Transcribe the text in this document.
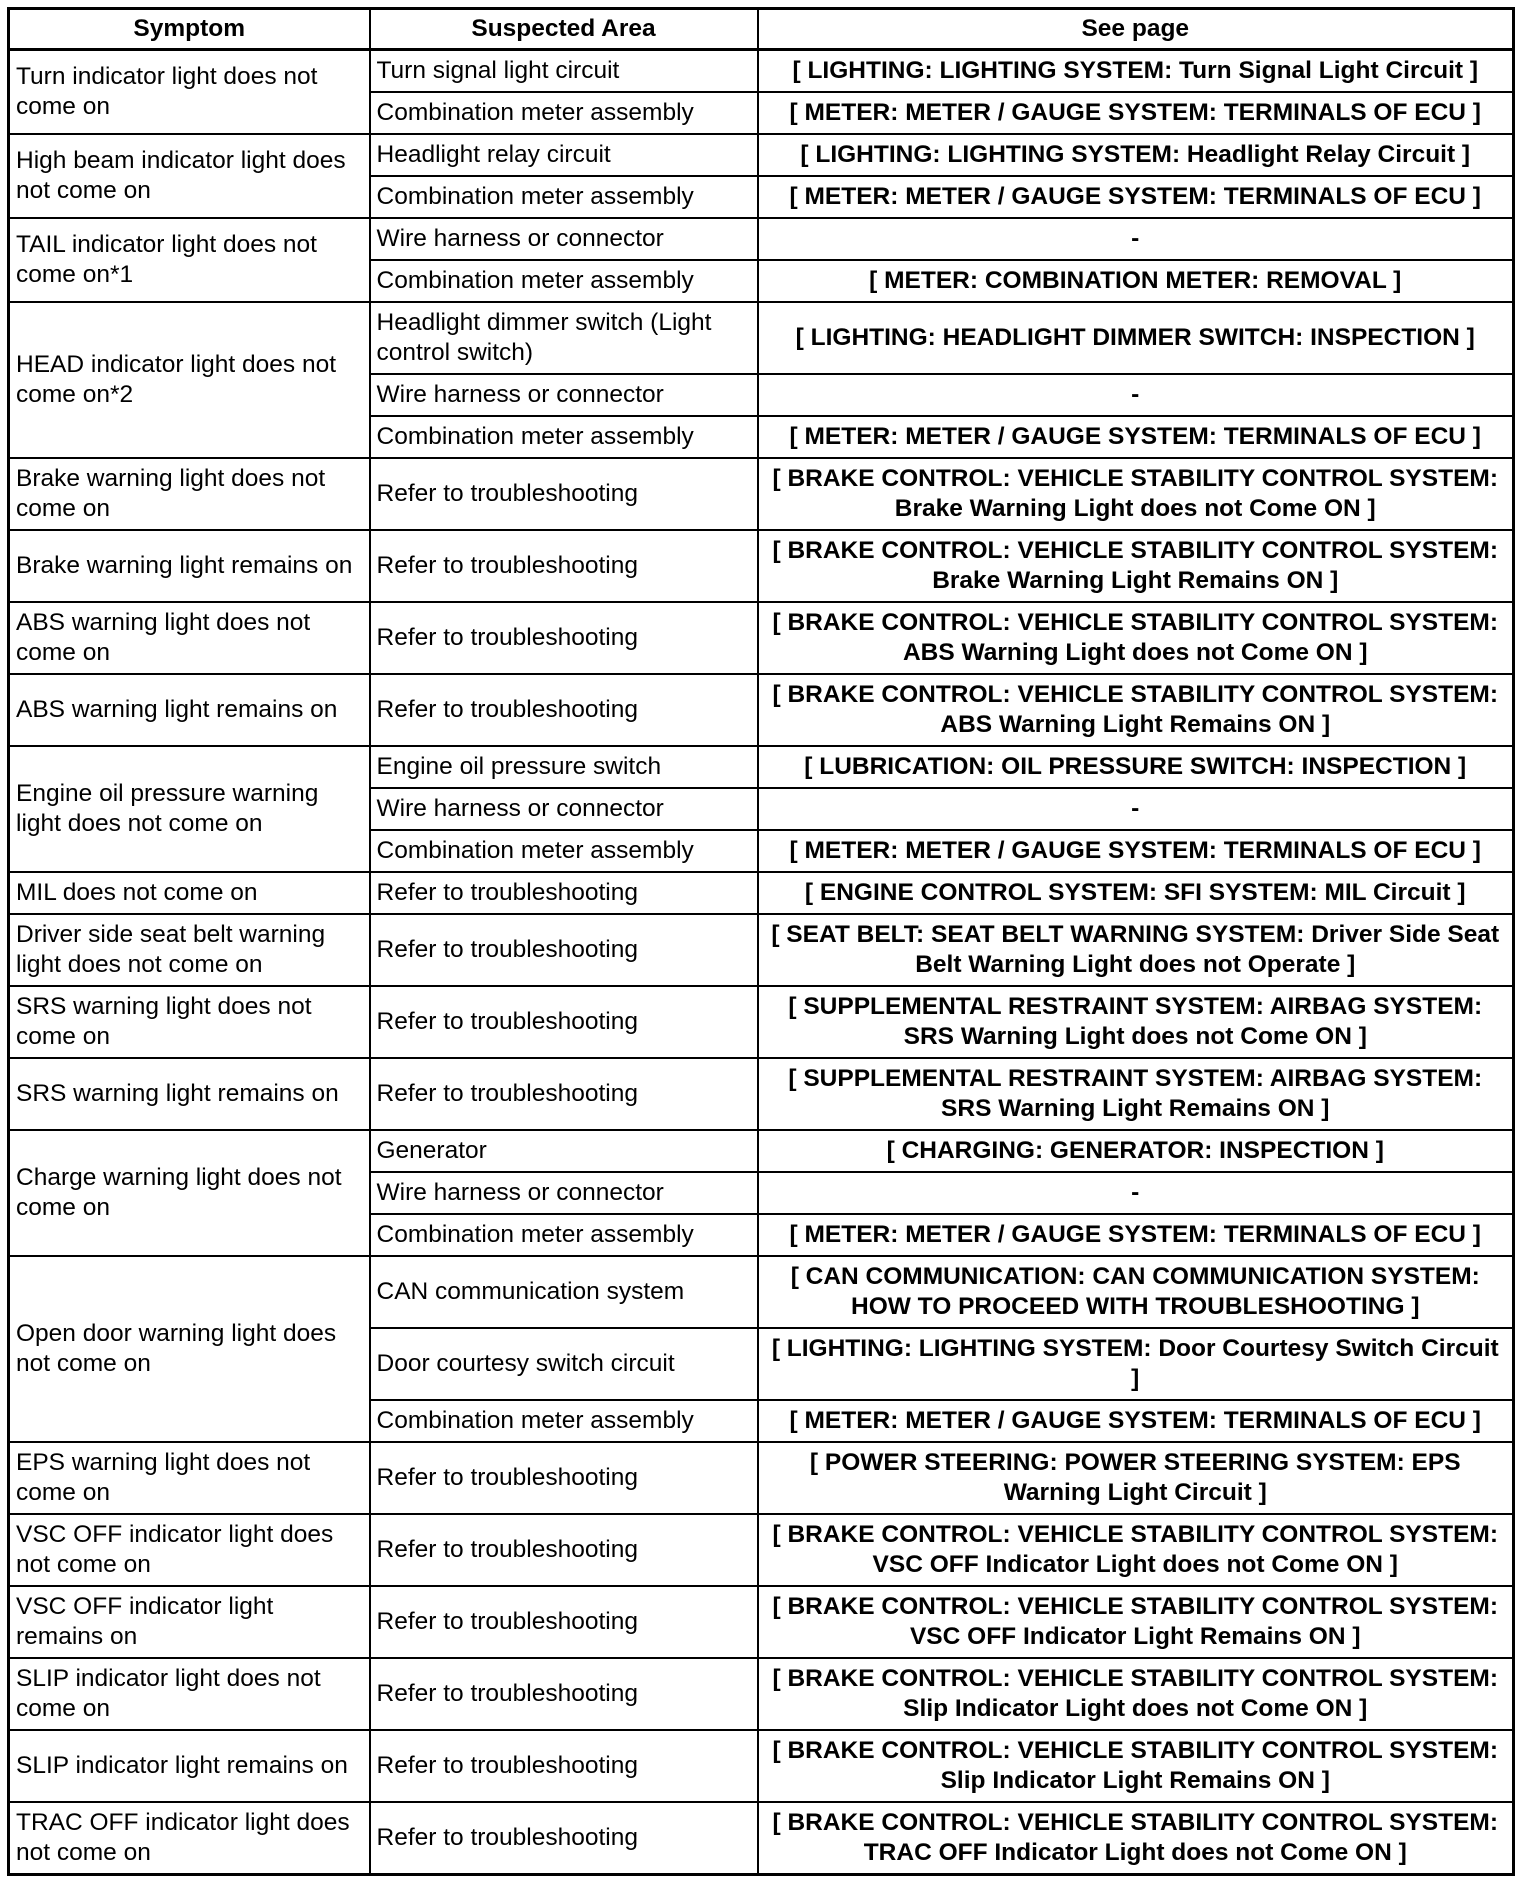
Symptom	Suspected Area	See page
Turn indicator light does not come on	Turn signal light circuit	[ LIGHTING: LIGHTING SYSTEM: Turn Signal Light Circuit ]
	Combination meter assembly	[ METER: METER / GAUGE SYSTEM: TERMINALS OF ECU ]
High beam indicator light does not come on	Headlight relay circuit	[ LIGHTING: LIGHTING SYSTEM: Headlight Relay Circuit ]
	Combination meter assembly	[ METER: METER / GAUGE SYSTEM: TERMINALS OF ECU ]
TAIL indicator light does not come on*1	Wire harness or connector	-
	Combination meter assembly	[ METER: COMBINATION METER: REMOVAL ]
HEAD indicator light does not come on*2	Headlight dimmer switch (Light control switch)	[ LIGHTING: HEADLIGHT DIMMER SWITCH: INSPECTION ]
	Wire harness or connector	-
	Combination meter assembly	[ METER: METER / GAUGE SYSTEM: TERMINALS OF ECU ]
Brake warning light does not come on	Refer to troubleshooting	[ BRAKE CONTROL: VEHICLE STABILITY CONTROL SYSTEM: Brake Warning Light does not Come ON ]
Brake warning light remains on	Refer to troubleshooting	[ BRAKE CONTROL: VEHICLE STABILITY CONTROL SYSTEM: Brake Warning Light Remains ON ]
ABS warning light does not come on	Refer to troubleshooting	[ BRAKE CONTROL: VEHICLE STABILITY CONTROL SYSTEM: ABS Warning Light does not Come ON ]
ABS warning light remains on	Refer to troubleshooting	[ BRAKE CONTROL: VEHICLE STABILITY CONTROL SYSTEM: ABS Warning Light Remains ON ]
Engine oil pressure warning light does not come on	Engine oil pressure switch	[ LUBRICATION: OIL PRESSURE SWITCH: INSPECTION ]
	Wire harness or connector	-
	Combination meter assembly	[ METER: METER / GAUGE SYSTEM: TERMINALS OF ECU ]
MIL does not come on	Refer to troubleshooting	[ ENGINE CONTROL SYSTEM: SFI SYSTEM: MIL Circuit ]
Driver side seat belt warning light does not come on	Refer to troubleshooting	[ SEAT BELT: SEAT BELT WARNING SYSTEM: Driver Side Seat Belt Warning Light does not Operate ]
SRS warning light does not come on	Refer to troubleshooting	[ SUPPLEMENTAL RESTRAINT SYSTEM: AIRBAG SYSTEM: SRS Warning Light does not Come ON ]
SRS warning light remains on	Refer to troubleshooting	[ SUPPLEMENTAL RESTRAINT SYSTEM: AIRBAG SYSTEM: SRS Warning Light Remains ON ]
Charge warning light does not come on	Generator	[ CHARGING: GENERATOR: INSPECTION ]
	Wire harness or connector	-
	Combination meter assembly	[ METER: METER / GAUGE SYSTEM: TERMINALS OF ECU ]
Open door warning light does not come on	CAN communication system	[ CAN COMMUNICATION: CAN COMMUNICATION SYSTEM: HOW TO PROCEED WITH TROUBLESHOOTING ]
	Door courtesy switch circuit	[ LIGHTING: LIGHTING SYSTEM: Door Courtesy Switch Circuit ]
	Combination meter assembly	[ METER: METER / GAUGE SYSTEM: TERMINALS OF ECU ]
EPS warning light does not come on	Refer to troubleshooting	[ POWER STEERING: POWER STEERING SYSTEM: EPS Warning Light Circuit ]
VSC OFF indicator light does not come on	Refer to troubleshooting	[ BRAKE CONTROL: VEHICLE STABILITY CONTROL SYSTEM: VSC OFF Indicator Light does not Come ON ]
VSC OFF indicator light remains on	Refer to troubleshooting	[ BRAKE CONTROL: VEHICLE STABILITY CONTROL SYSTEM: VSC OFF Indicator Light Remains ON ]
SLIP indicator light does not come on	Refer to troubleshooting	[ BRAKE CONTROL: VEHICLE STABILITY CONTROL SYSTEM: Slip Indicator Light does not Come ON ]
SLIP indicator light remains on	Refer to troubleshooting	[ BRAKE CONTROL: VEHICLE STABILITY CONTROL SYSTEM: Slip Indicator Light Remains ON ]
TRAC OFF indicator light does not come on	Refer to troubleshooting	[ BRAKE CONTROL: VEHICLE STABILITY CONTROL SYSTEM: TRAC OFF Indicator Light does not Come ON ]
